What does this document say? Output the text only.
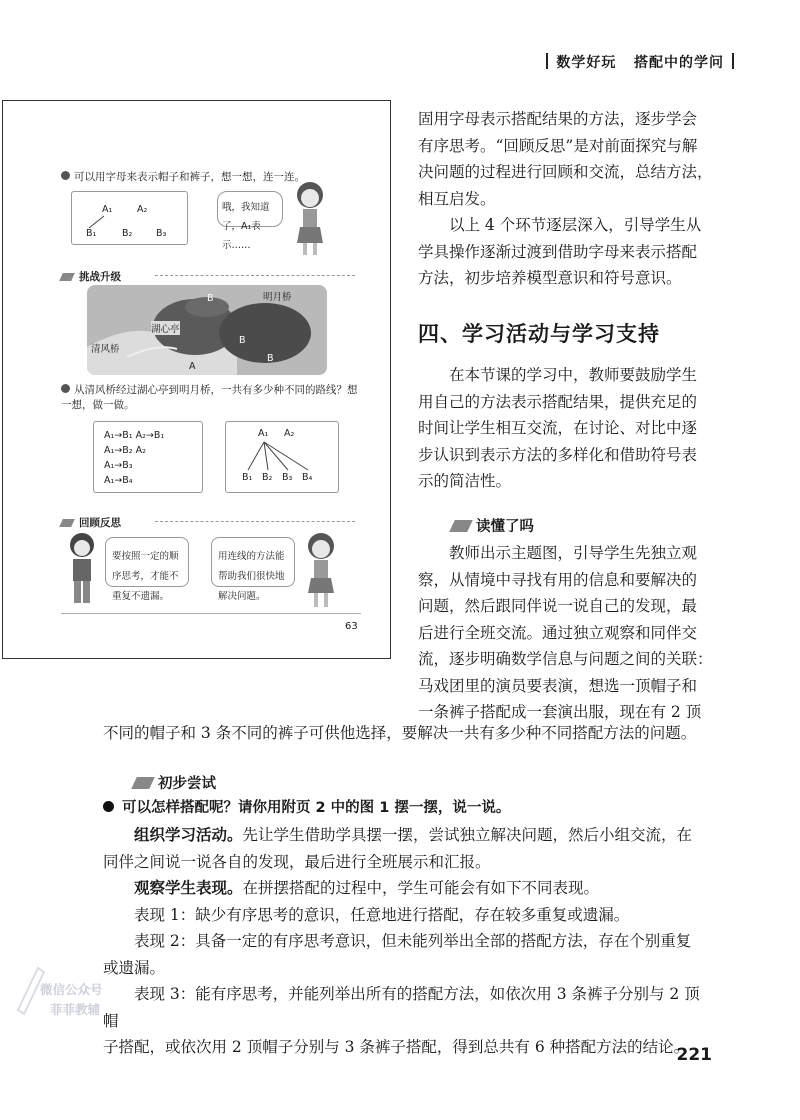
数学好玩 搭配中的学问
可以用字母来表示帽子和裤子，想一想，连一连。
A₁	A₂
B₁	B₂ B₃
哦，我知道了，A₁表示……
挑战升级
明月桥
湖心亭
清风桥
B
B
B
A
从清风桥经过湖心亭到明月桥，一共有多少种不同的路线？想一想，做一做。
A₁→B₁ A₂→B₁
A₁→B₂ A₂
A₁→B₃
A₁→B₄
A₁ A₂
B₁ B₂ B₃ B₄
回顾反思
要按照一定的顺序思考，才能不重复不遗漏。
用连线的方法能帮助我们很快地解决问题。
63
固用字母表示搭配结果的方法，逐步学会
有序思考。“回顾反思”是对前面探究与解
决问题的过程进行回顾和交流，总结方法，
相互启发。
以上 4 个环节逐层深入，引导学生从
学具操作逐渐过渡到借助字母来表示搭配
方法，初步培养模型意识和符号意识。
四、学习活动与学习支持
在本节课的学习中，教师要鼓励学生
用自己的方法表示搭配结果，提供充足的
时间让学生相互交流，在讨论、对比中逐
步认识到表示方法的多样化和借助符号表
示的简洁性。
读懂了吗
教师出示主题图，引导学生先独立观
察，从情境中寻找有用的信息和要解决的
问题，然后跟同伴说一说自己的发现，最
后进行全班交流。通过独立观察和同伴交
流，逐步明确数学信息与问题之间的关联：
马戏团里的演员要表演，想选一顶帽子和
一条裤子搭配成一套演出服，现在有 2 顶
不同的帽子和 3 条不同的裤子可供他选择，要解决一共有多少种不同搭配方法的问题。
初步尝试
可以怎样搭配呢？请你用附页 2 中的图 1 摆一摆，说一说。
组织学习活动。先让学生借助学具摆一摆，尝试独立解决问题，然后小组交流，在
同伴之间说一说各自的发现，最后进行全班展示和汇报。
观察学生表现。在拼摆搭配的过程中，学生可能会有如下不同表现。
表现 1：缺少有序思考的意识，任意地进行搭配，存在较多重复或遗漏。
表现 2：具备一定的有序思考意识，但未能列举出全部的搭配方法，存在个别重复
或遗漏。
表现 3：能有序思考，并能列举出所有的搭配方法，如依次用 3 条裤子分别与 2 顶帽
子搭配，或依次用 2 顶帽子分别与 3 条裤子搭配，得到总共有 6 种搭配方法的结论。
微信公众号
菲菲教辅
221
